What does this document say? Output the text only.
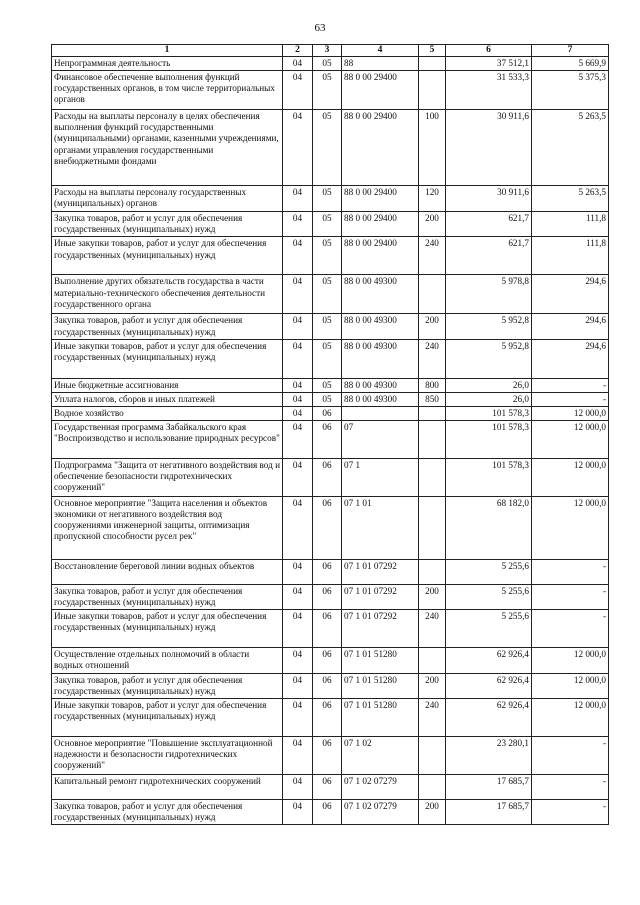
63
1	2	3	4	5	6	7
Непрограммная деятельность	04	05	88		37 512,1	5 669,9
Финансовое обеспечение выполнения функций государственных органов, в том числе территориальных органов	04	05	88 0 00 29400		31 533,3	5 375,3
Расходы на выплаты персоналу в целях обеспечения выполнения функций государственными (муниципальными) органами, казенными учреждениями, органами управления государственными внебюджетными фондами	04	05	88 0 00 29400	100	30 911,6	5 263,5
Расходы на выплаты персоналу государственных (муниципальных) органов	04	05	88 0 00 29400	120	30 911,6	5 263,5
Закупка товаров, работ и услуг для обеспечения государственных (муниципальных) нужд	04	05	88 0 00 29400	200	621,7	111,8
Иные закупки товаров, работ и услуг для обеспечения государственных (муниципальных) нужд	04	05	88 0 00 29400	240	621,7	111,8
Выполнение других обязательств государства в части материально-технического обеспечения деятельности государственного органа	04	05	88 0 00 49300		5 978,8	294,6
Закупка товаров, работ и услуг для обеспечения государственных (муниципальных) нужд	04	05	88 0 00 49300	200	5 952,8	294,6
Иные закупки товаров, работ и услуг для обеспечения государственных (муниципальных) нужд	04	05	88 0 00 49300	240	5 952,8	294,6
Иные бюджетные ассигнования	04	05	88 0 00 49300	800	26,0	-
Уплата налогов, сборов и иных платежей	04	05	88 0 00 49300	850	26,0	-
Водное хозяйство	04	06			101 578,3	12 000,0
Государственная программа Забайкальского края "Воспроизводство и использование природных ресурсов"	04	06	07		101 578,3	12 000,0
Подпрограмма "Защита от негативного воздействия вод и обеспечение безопасности гидротехнических сооружений"	04	06	07 1		101 578,3	12 000,0
Основное мероприятие "Защита населения и объектов экономики от негативного воздействия вод сооружениями инженерной защиты, оптимизация пропускной способности русел рек"	04	06	07 1 01		68 182,0	12 000,0
Восстановление береговой линии водных объектов	04	06	07 1 01 07292		5 255,6	-
Закупка товаров, работ и услуг для обеспечения государственных (муниципальных) нужд	04	06	07 1 01 07292	200	5 255,6	-
Иные закупки товаров, работ и услуг для обеспечения государственных (муниципальных) нужд	04	06	07 1 01 07292	240	5 255,6	-
Осуществление отдельных полномочий в области водных отношений	04	06	07 1 01 51280		62 926,4	12 000,0
Закупка товаров, работ и услуг для обеспечения государственных (муниципальных) нужд	04	06	07 1 01 51280	200	62 926,4	12 000,0
Иные закупки товаров, работ и услуг для обеспечения государственных (муниципальных) нужд	04	06	07 1 01 51280	240	62 926,4	12 000,0
Основное мероприятие "Повышение эксплуатационной надежности и безопасности гидротехнических сооружений"	04	06	07 1 02		23 280,1	-
Капитальный ремонт гидротехнических сооружений	04	06	07 1 02 07279		17 685,7	-
Закупка товаров, работ и услуг для обеспечения государственных (муниципальных) нужд	04	06	07 1 02 07279	200	17 685,7	-
